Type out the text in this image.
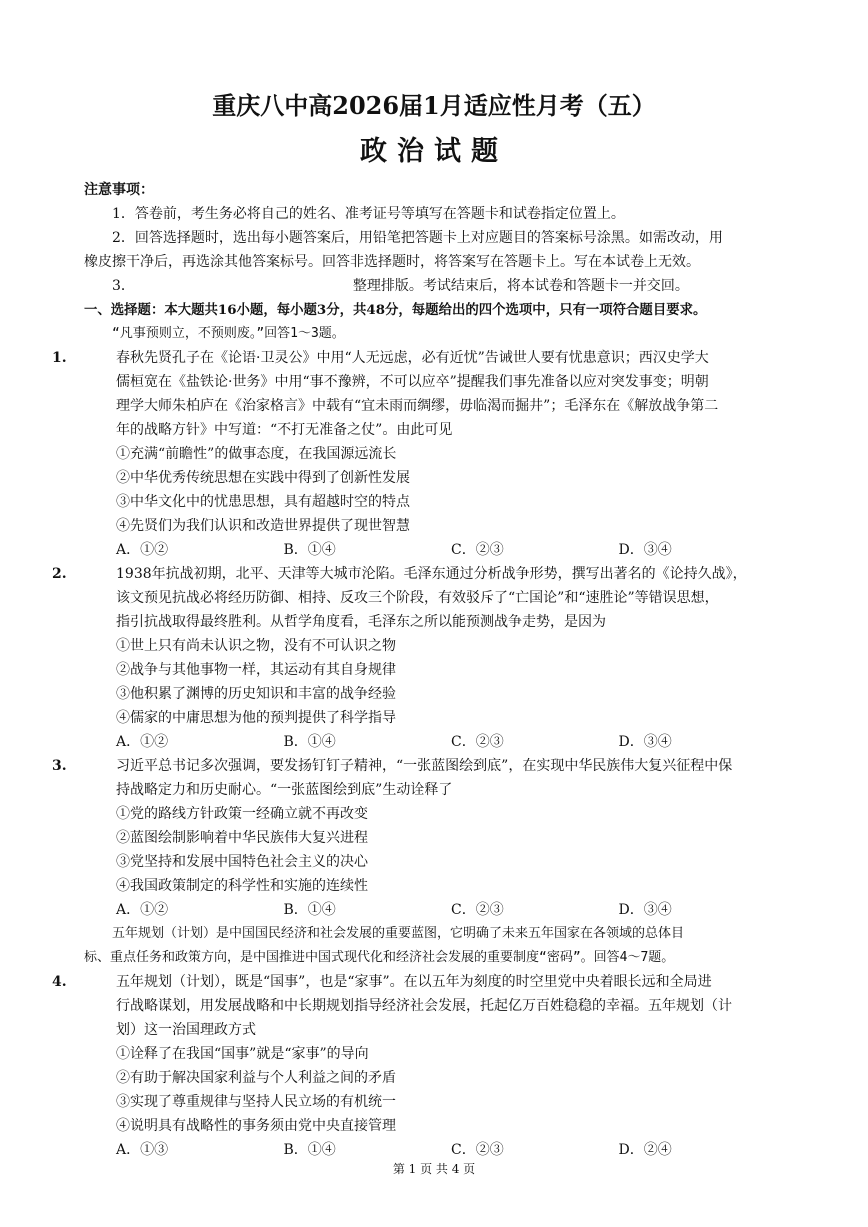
重庆八中高2026届1月适应性月考（五）
政治试题
注意事项：
1．答卷前，考生务必将自己的姓名、准考证号等填写在答题卡和试卷指定位置上。
2．回答选择题时，选出每小题答案后，用铅笔把答题卡上对应题目的答案标号涂黑。如需改动，用
橡皮擦干净后，再选涂其他答案标号。回答非选择题时，将答案写在答题卡上。写在本试卷上无效。
3．	整理排版。考试结束后，将本试卷和答题卡一并交回。
一、选择题：本大题共16小题，每小题3分，共48分，每题给出的四个选项中，只有一项符合题目要求。
“凡事预则立，不预则废。”回答1～3题。
1.	春秋先贤孔子在《论语·卫灵公》中用“人无远虑，必有近忧”告诫世人要有忧患意识；西汉史学大
儒桓宽在《盐铁论·世务》中用“事不豫辨，不可以应卒”提醒我们事先准备以应对突发事变；明朝
理学大师朱柏庐在《治家格言》中载有“宜未雨而绸缪，毋临渴而掘井”；毛泽东在《解放战争第二
年的战略方针》中写道：“不打无准备之仗”。由此可见
①充满“前瞻性”的做事态度，在我国源远流长
②中华优秀传统思想在实践中得到了创新性发展
③中华文化中的忧患思想，具有超越时空的特点
④先贤们为我们认识和改造世界提供了现世智慧
A．①②	B．①④	C．②③	D．③④
2.	1938年抗战初期，北平、天津等大城市沦陷。毛泽东通过分析战争形势，撰写出著名的《论持久战》，
该文预见抗战必将经历防御、相持、反攻三个阶段，有效驳斥了“亡国论”和“速胜论”等错误思想，
指引抗战取得最终胜利。从哲学角度看，毛泽东之所以能预测战争走势，是因为
①世上只有尚未认识之物，没有不可认识之物
②战争与其他事物一样，其运动有其自身规律
③他积累了渊博的历史知识和丰富的战争经验
④儒家的中庸思想为他的预判提供了科学指导
A．①②	B．①④	C．②③	D．③④
3.	习近平总书记多次强调，要发扬钉钉子精神，“一张蓝图绘到底”，在实现中华民族伟大复兴征程中保
持战略定力和历史耐心。“一张蓝图绘到底”生动诠释了
①党的路线方针政策一经确立就不再改变
②蓝图绘制影响着中华民族伟大复兴进程
③党坚持和发展中国特色社会主义的决心
④我国政策制定的科学性和实施的连续性
A．①②	B．①④	C．②③	D．③④
五年规划（计划）是中国国民经济和社会发展的重要蓝图，它明确了未来五年国家在各领域的总体目
标、重点任务和政策方向，是中国推进中国式现代化和经济社会发展的重要制度“密码”。回答4～7题。
4.	五年规划（计划），既是“国事”，也是“家事”。在以五年为刻度的时空里党中央着眼长远和全局进
行战略谋划，用发展战略和中长期规划指导经济社会发展，托起亿万百姓稳稳的幸福。五年规划（计
划）这一治国理政方式
①诠释了在我国“国事”就是“家事”的导向
②有助于解决国家利益与个人利益之间的矛盾
③实现了尊重规律与坚持人民立场的有机统一
④说明具有战略性的事务须由党中央直接管理
A．①③	B．①④	C．②③	D．②④
第 1 页 共 4 页
